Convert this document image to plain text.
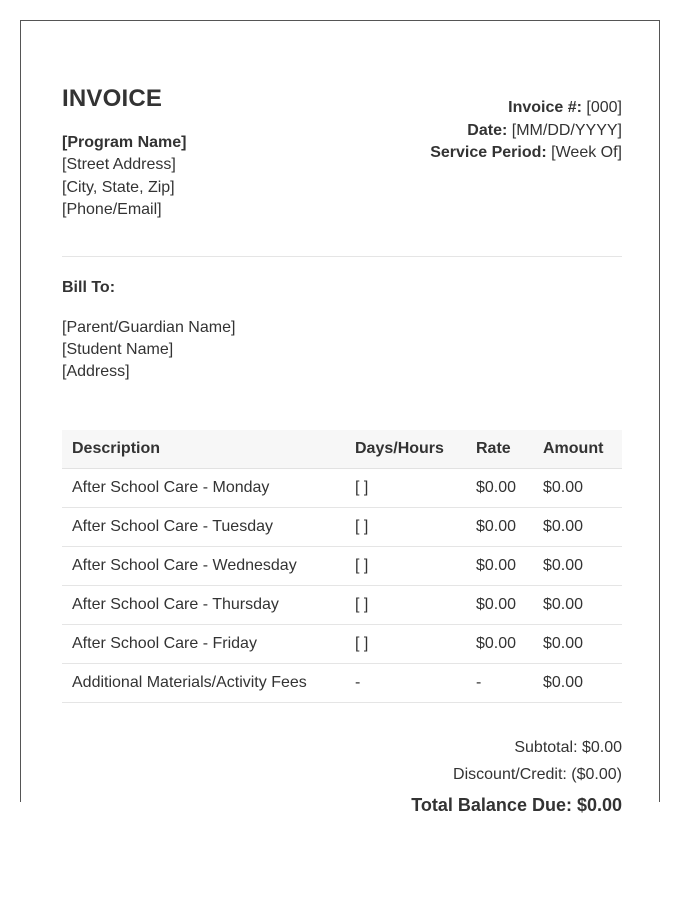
INVOICE
[Program Name]
[Street Address]
[City, State, Zip]
[Phone/Email]
Invoice #: [000]
Date: [MM/DD/YYYY]
Service Period: [Week Of]
Bill To:
[Parent/Guardian Name]
[Student Name]
[Address]
Description	Days/Hours	Rate	Amount
After School Care - Monday	[ ]	$0.00	$0.00
After School Care - Tuesday	[ ]	$0.00	$0.00
After School Care - Wednesday	[ ]	$0.00	$0.00
After School Care - Thursday	[ ]	$0.00	$0.00
After School Care - Friday	[ ]	$0.00	$0.00
Additional Materials/Activity Fees	-	-	$0.00
Subtotal: $0.00
Discount/Credit: ($0.00)
Total Balance Due: $0.00
